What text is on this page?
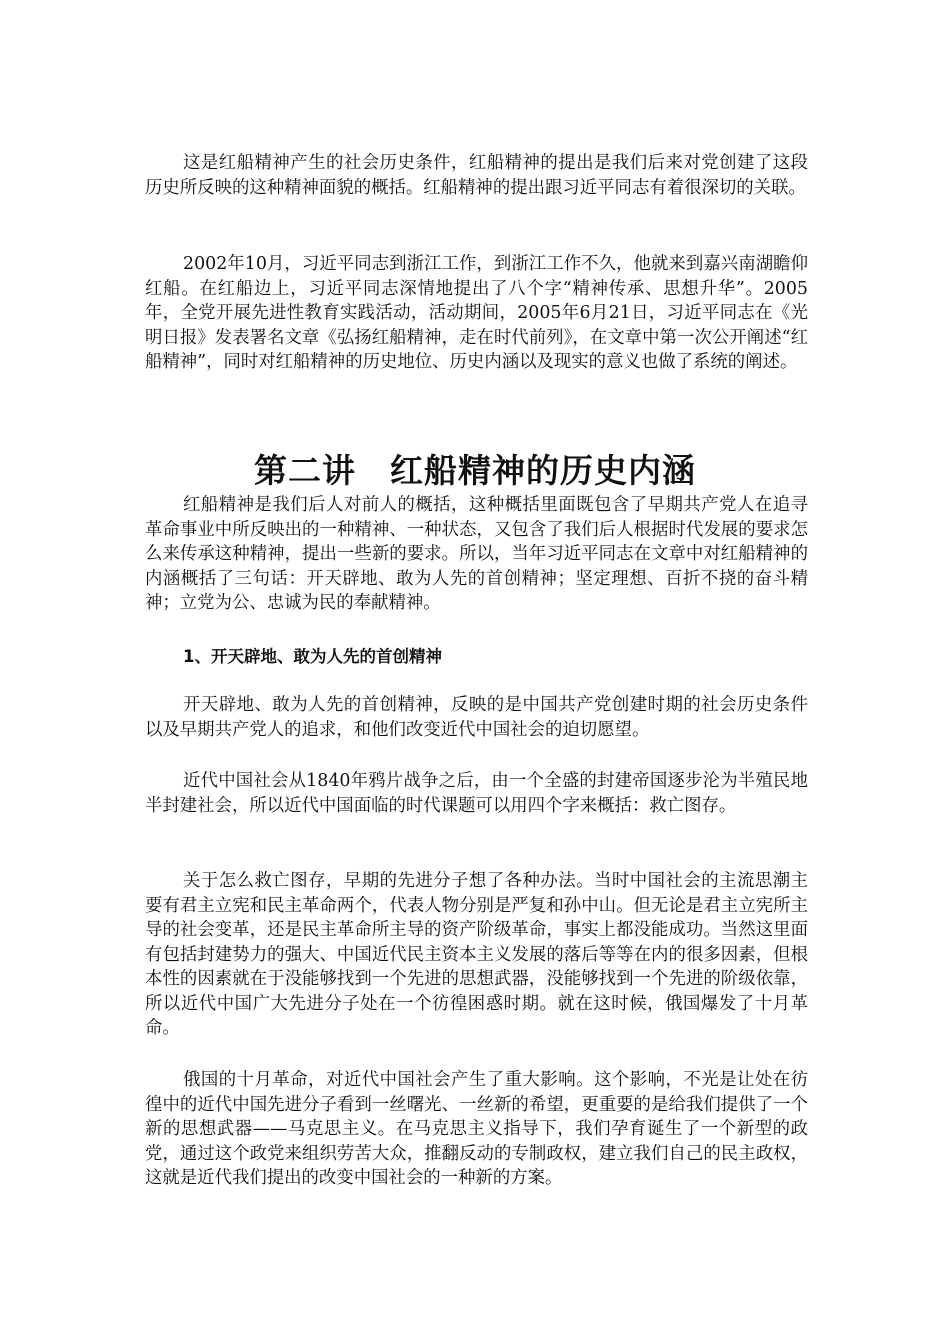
这是红船精神产生的社会历史条件，红船精神的提出是我们后来对党创建了这段历史所反映的这种精神面貌的概括。红船精神的提出跟习近平同志有着很深切的关联。

2002年10月，习近平同志到浙江工作，到浙江工作不久，他就来到嘉兴南湖瞻仰红船。在红船边上，习近平同志深情地提出了八个字“精神传承、思想升华”。2005年，全党开展先进性教育实践活动，活动期间，2005年6月21日，习近平同志在《光明日报》发表署名文章《弘扬红船精神，走在时代前列》，在文章中第一次公开阐述“红船精神”，同时对红船精神的历史地位、历史内涵以及现实的意义也做了系统的阐述。

第二讲　红船精神的历史内涵

红船精神是我们后人对前人的概括，这种概括里面既包含了早期共产党人在追寻革命事业中所反映出的一种精神、一种状态，又包含了我们后人根据时代发展的要求怎么来传承这种精神，提出一些新的要求。所以，当年习近平同志在文章中对红船精神的内涵概括了三句话：开天辟地、敢为人先的首创精神；坚定理想、百折不挠的奋斗精神；立党为公、忠诚为民的奉献精神。

1、开天辟地、敢为人先的首创精神

开天辟地、敢为人先的首创精神，反映的是中国共产党创建时期的社会历史条件以及早期共产党人的追求，和他们改变近代中国社会的迫切愿望。

近代中国社会从1840年鸦片战争之后，由一个全盛的封建帝国逐步沦为半殖民地半封建社会，所以近代中国面临的时代课题可以用四个字来概括：救亡图存。

关于怎么救亡图存，早期的先进分子想了各种办法。当时中国社会的主流思潮主要有君主立宪和民主革命两个，代表人物分别是严复和孙中山。但无论是君主立宪所主导的社会变革，还是民主革命所主导的资产阶级革命，事实上都没能成功。当然这里面有包括封建势力的强大、中国近代民主资本主义发展的落后等等在内的很多因素，但根本性的因素就在于没能够找到一个先进的思想武器，没能够找到一个先进的阶级依靠，所以近代中国广大先进分子处在一个彷徨困惑时期。就在这时候，俄国爆发了十月革命。

俄国的十月革命，对近代中国社会产生了重大影响。这个影响，不光是让处在彷徨中的近代中国先进分子看到一丝曙光、一丝新的希望，更重要的是给我们提供了一个新的思想武器——马克思主义。在马克思主义指导下，我们孕育诞生了一个新型的政党，通过这个政党来组织劳苦大众，推翻反动的专制政权，建立我们自己的民主政权，这就是近代我们提出的改变中国社会的一种新的方案。
